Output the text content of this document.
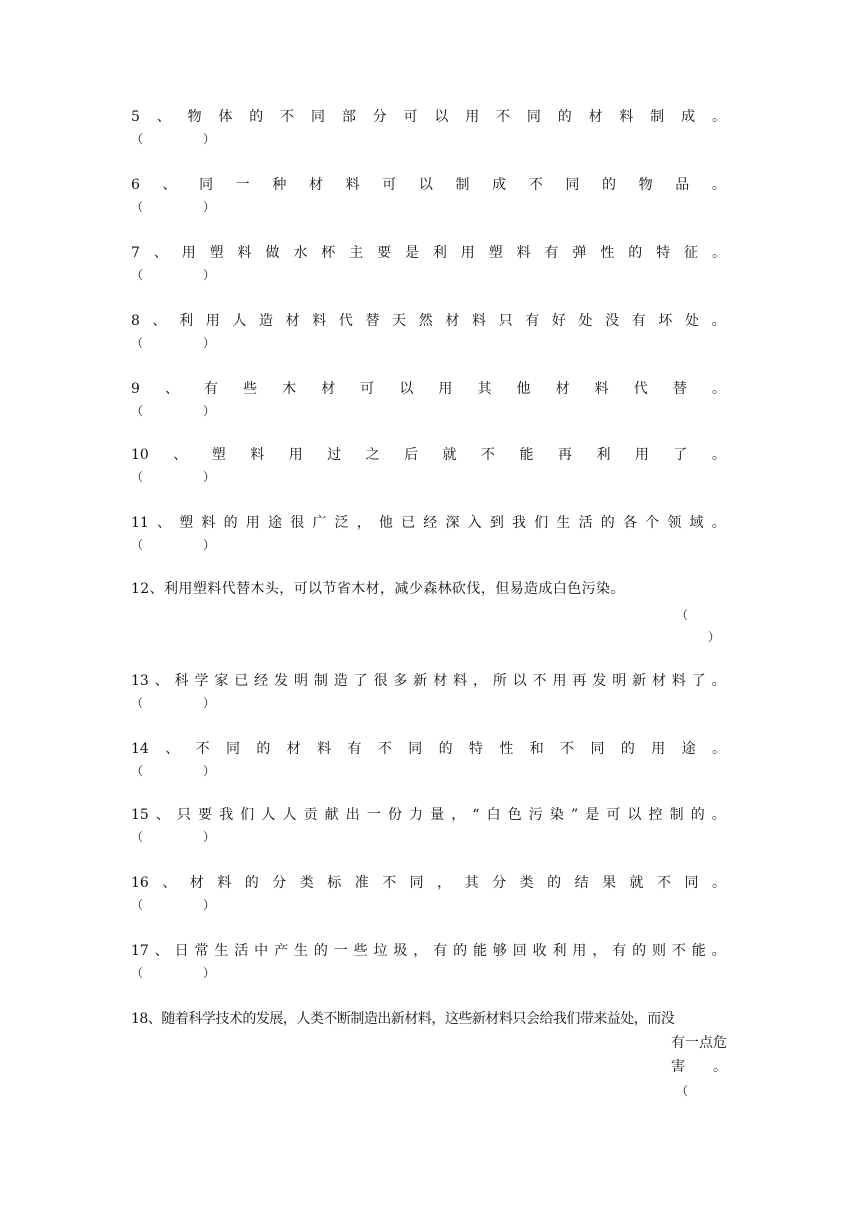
5 、 物 体 的 不 同 部 分 可 以 用 不 同 的 材 料 制 成 。
（　　　　　）
6 、 同 一 种 材 料 可 以 制 成 不 同 的 物 品 。
（　　　　　）
7 、 用 塑 料 做 水 杯 主 要 是 利 用 塑 料 有 弹 性 的 特 征 。
（　　　　　）
8 、 利 用 人 造 材 料 代 替 天 然 材 料 只 有 好 处 没 有 坏 处 。
（　　　　　）
9 、 有 些 木 材 可 以 用 其 他 材 料 代 替 。
（　　　　　）
10 、 塑 料 用 过 之 后 就 不 能 再 利 用 了 。
（　　　　　）
11 、 塑 料 的 用 途 很 广 泛 ， 他 已 经 深 入 到 我 们 生 活 的 各 个 领 域 。
（　　　　　）
12、利用塑料代替木头，可以节省木材，减少森林砍伐，但易造成白色污染。
（
）
13 、 科 学 家 已 经 发 明 制 造 了 很 多 新 材 料 ， 所 以 不 用 再 发 明 新 材 料 了 。
（　　　　　）
14 、 不 同 的 材 料 有 不 同 的 特 性 和 不 同 的 用 途 。
（　　　　　）
15 、 只 要 我 们 人 人 贡 献 出 一 份 力 量 ， “ 白 色 污 染 ” 是 可 以 控 制 的 。
（　　　　　）
16 、 材 料 的 分 类 标 准 不 同 ， 其 分 类 的 结 果 就 不 同 。
（　　　　　）
17 、 日 常 生 活 中 产 生 的 一 些 垃 圾 ， 有 的 能 够 回 收 利 用 ， 有 的 则 不 能 。
（　　　　　）
18、随着科学技术的发展，人类不断制造出新材料，这些新材料只会给我们带来益处，而没
有一点危
害　　。
（
